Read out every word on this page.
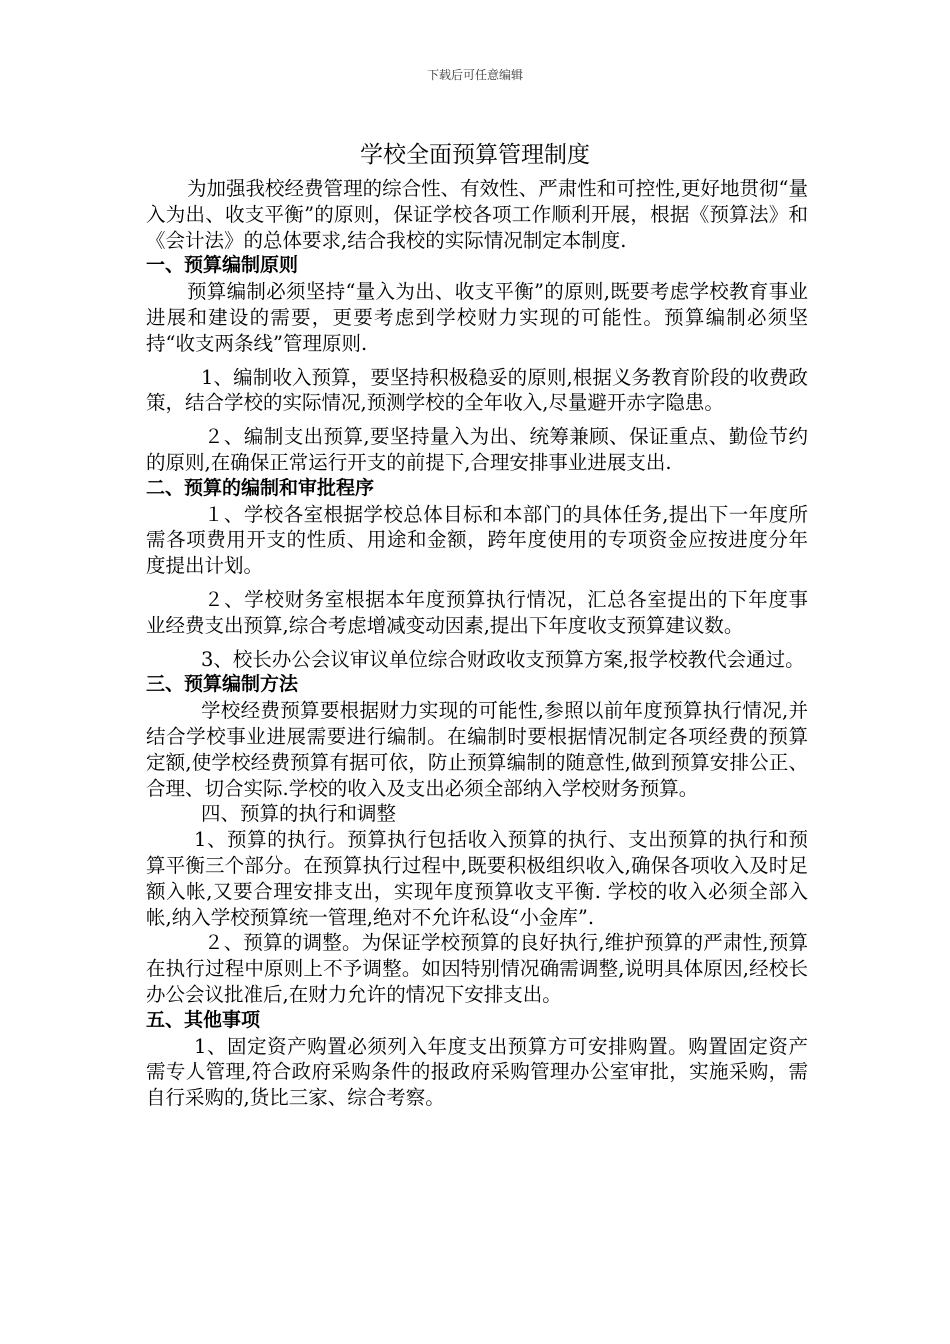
下载后可任意编辑
学校全面预算管理制度

为加强我校经费管理的综合性、有效性、严肃性和可控性,更好地贯彻“量入为出、收支平衡”的原则，保证学校各项工作顺利开展，根据《预算法》和《会计法》的总体要求,结合我校的实际情况制定本制度.

一、预算编制原则

预算编制必须坚持“量入为出、收支平衡”的原则,既要考虑学校教育事业进展和建设的需要，更要考虑到学校财力实现的可能性。预算编制必须坚持“收支两条线”管理原则.

1、编制收入预算，要坚持积极稳妥的原则,根据义务教育阶段的收费政策，结合学校的实际情况,预测学校的全年收入,尽量避开赤字隐患。

２、编制支出预算,要坚持量入为出、统筹兼顾、保证重点、勤俭节约的原则,在确保正常运行开支的前提下,合理安排事业进展支出.

二、预算的编制和审批程序

１、学校各室根据学校总体目标和本部门的具体任务,提出下一年度所需各项费用开支的性质、用途和金额，跨年度使用的专项资金应按进度分年度提出计划。

２、学校财务室根据本年度预算执行情况，汇总各室提出的下年度事业经费支出预算,综合考虑增减变动因素,提出下年度收支预算建议数。

3、校长办公会议审议单位综合财政收支预算方案,报学校教代会通过。

三、预算编制方法

学校经费预算要根据财力实现的可能性,参照以前年度预算执行情况,并结合学校事业进展需要进行编制。在编制时要根据情况制定各项经费的预算定额,使学校经费预算有据可依，防止预算编制的随意性,做到预算安排公正、合理、切合实际.学校的收入及支出必须全部纳入学校财务预算。

四、预算的执行和调整

1、预算的执行。预算执行包括收入预算的执行、支出预算的执行和预算平衡三个部分。在预算执行过程中,既要积极组织收入,确保各项收入及时足额入帐,又要合理安排支出，实现年度预算收支平衡. 学校的收入必须全部入帐,纳入学校预算统一管理,绝对不允许私设“小金库”.

２、预算的调整。为保证学校预算的良好执行,维护预算的严肃性,预算在执行过程中原则上不予调整。如因特别情况确需调整,说明具体原因,经校长办公会议批准后,在财力允许的情况下安排支出。

五、其他事项

1、固定资产购置必须列入年度支出预算方可安排购置。购置固定资产需专人管理,符合政府采购条件的报政府采购管理办公室审批，实施采购，需自行采购的,货比三家、综合考察。
